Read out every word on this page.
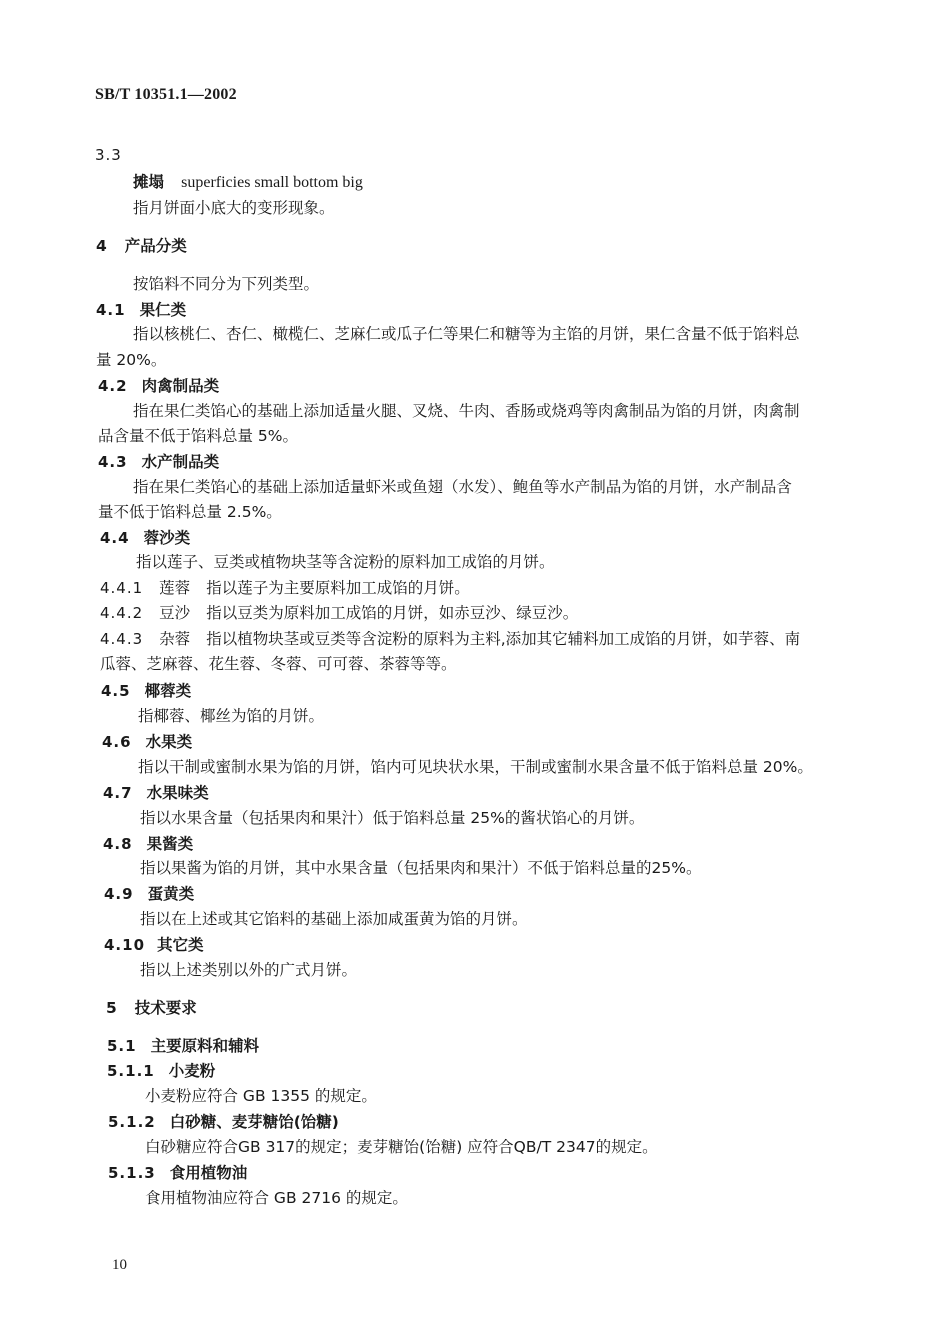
SB/T 10351.1—2002
3.3
摊塌 superficies small bottom big
指月饼面小底大的变形现象。
4 产品分类
按馅料不同分为下列类型。
4.1 果仁类
指以核桃仁、杏仁、橄榄仁、芝麻仁或瓜子仁等果仁和糖等为主馅的月饼，果仁含量不低于馅料总
量 20%。
4.2 肉禽制品类
指在果仁类馅心的基础上添加适量火腿、叉烧、牛肉、香肠或烧鸡等肉禽制品为馅的月饼，肉禽制
品含量不低于馅料总量 5%。
4.3 水产制品类
指在果仁类馅心的基础上添加适量虾米或鱼翅（水发）、鲍鱼等水产制品为馅的月饼，水产制品含
量不低于馅料总量 2.5%。
4.4 蓉沙类
指以莲子、豆类或植物块茎等含淀粉的原料加工成馅的月饼。
4.4.1 莲蓉 指以莲子为主要原料加工成馅的月饼。
4.4.2 豆沙 指以豆类为原料加工成馅的月饼，如赤豆沙、绿豆沙。
4.4.3 杂蓉 指以植物块茎或豆类等含淀粉的原料为主料,添加其它辅料加工成馅的月饼，如芋蓉、南
瓜蓉、芝麻蓉、花生蓉、冬蓉、可可蓉、茶蓉等等。
4.5 椰蓉类
指椰蓉、椰丝为馅的月饼。
4.6 水果类
指以干制或蜜制水果为馅的月饼，馅内可见块状水果，干制或蜜制水果含量不低于馅料总量 20%。
4.7 水果味类
指以水果含量（包括果肉和果汁）低于馅料总量 25%的酱状馅心的月饼。
4.8 果酱类
指以果酱为馅的月饼，其中水果含量（包括果肉和果汁）不低于馅料总量的25%。
4.9 蛋黄类
指以在上述或其它馅料的基础上添加咸蛋黄为馅的月饼。
4.10 其它类
指以上述类别以外的广式月饼。
5 技术要求
5.1 主要原料和辅料
5.1.1 小麦粉
小麦粉应符合 GB 1355 的规定。
5.1.2 白砂糖、麦芽糖饴(饴糖)
白砂糖应符合GB 317的规定；麦芽糖饴(饴糖) 应符合QB/T 2347的规定。
5.1.3 食用植物油
食用植物油应符合 GB 2716 的规定。
10
